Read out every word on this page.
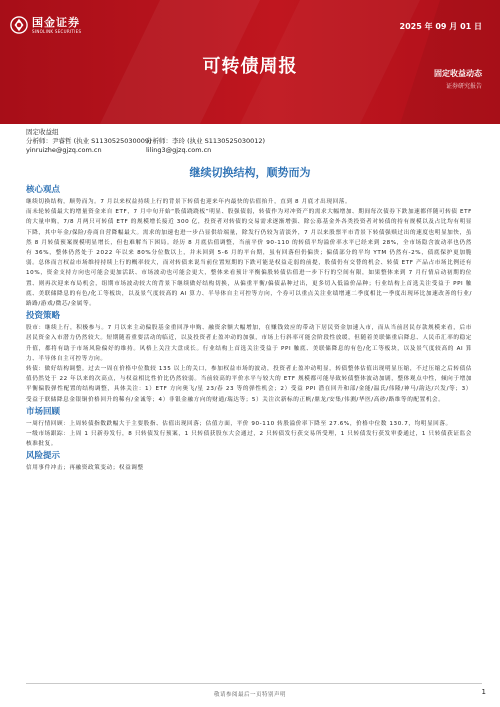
国金证券
SINOLINK SECURITIES	2025 年 09 月 01 日
可转债周报	固定收益动态
证券研究报告
固定收益组
分析师：尹睿哲 (执业 S1130525030009)
分析师：李玲 (执业 S1130525030012)
yinruizhe@gjzq.com.cn	liling3@gjzq.com.cn
继续切换结构，顺势而为
核心观点

继续切换结构，顺势而为。7 月以来权益持续上行的背景下转债也迎来年内最快的估值抬升，直到 8 月底才出现回落。

而未轮转债最大的增量资金来自 ETF，7 月中旬开始“股债跷跷板”明显、股强债弱，转债作为对冲资产的需求大幅增加、期间每次债券下跌加速都伴随可转债 ETF 的大量申购，7/8 月两只可转债 ETF 的规模增长接近 300 亿，投资者对转债的交易需求逐渐增强、除公募基金外各类投资者对转债的持有规模以及占比均有明显下降，其中年金/保险/券商自营降幅最大。需求的加速也进一步凸显供给端量，除发行仍较为清淡外，7 月以来股票平市背景下转债强赎过出的速度也明显加快，虽然 8 月转债预案规模明显增长，但也难解当下困局。经历 8 月底估值调整，当前平价 90-110 的转债平均溢价率水平已经来到 28%，全市场隐含波动率也仍然有 36%，整体仍然处于 2022 年以来 80%分位数以上，并未回到 5-6 月的平台期，虽有回落但仍偏贵；偏债部分的平均 YTM 仍然有-2%，债底保护更加脆弱。总体而言权益市场维持持续上行的概率较大，而对转债来说当前位置短期的下跌可能是权益走弱的前提，股债仍有交替的机会、转债 ETF 产品占市场比例还有 10%，资金支持方向也可能会更加活跃、市场波动也可能会更大，整体来看预计平衡偏股转债估值进一步下行的空间有限，如果整体来到 7 月行情启动初期的位置、则再次迎来布局机会，组期市场波动较大的背景下继续做好结构切换，从偏重平衡/偏债品种过出，更多切入低溢价品种；行业结构上首选关注受益于 PPI 触底、美联储降息的有色/化工等板块，以及景气度较高的 AI 算力、半导体自主可控等方向，个券可以重点关注业绩增速二季度相比一季度出现环比加速改善的行业/路路/游戏/微芯/金属等。

投资策略

股市：继续上行，积极参与。7 月以来主动偏股基金重回净申购、融资余额大幅增加，在赚钱效应的带动下居民资金加速入市，而从当前居民存款规模来看，后市居民资金入市潜力仍然较大。短期随着重要活动的临近，以及投资者止盈冲动的加强，市场上行斜率可能会阶段性放缓，但随着美联储重启降息、人民币汇率的稳定升值，都将有助于市场风险偏好的维持。风格上关注大盘成长。行业结构上首选关注受益于 PPI 触底、美联储降息的有色/化工等板块，以及景气度较高的 AI 算力、半导体自主可控等方向。

转债：做好结构调整。过去一周在价格中位数较 135 以上的关口，参加权益市场的波动，投资者止盈冲动明显，转债整体估值出现明显压缩，不过压缩之后转债估值仍然处于 22 年以来的次高点，与权益相比性价比仍然较弱。当前较高的平价水平与较大的 ETF 规模都可能导致转债整体波动加剧，整体观点中性，倾向于增加平衡偏股弹性配置的结构调整，具体关注：1）ETF 方向奥飞/星 23/春 23 等的弹性机会；2）受益 PPI 潜在回升和部/金能/温氏/伟隆/神马/韵达/兴发/等；3）受益于联储降息金银铜价格回升的稀有/金诚等；4）非银金融方向的财通/瑞达等；5）关注次新标的正帆/鼎龙/安集/伟测/华医/高砂/路维等的配置机会。

市场回顾

一周行情回顾：上周转债指数跌幅大于主要股指、估值出现回落；估值方面，平价 90-110 转股溢价率下降至 27.6%，价格中位数 130.7，均明显回落。

一级市场跟踪：上周 1 只新券发行，8 只转债发行预案，1 只转债获股东大会通过，2 只转债发行获交易所受理，1 只转债发行获发审委通过，1 只转债获证监会核准批复。

风险提示

信用事件冲击；再融资政策变动；权益调整

敬请参阅最后一页特别声明	1
